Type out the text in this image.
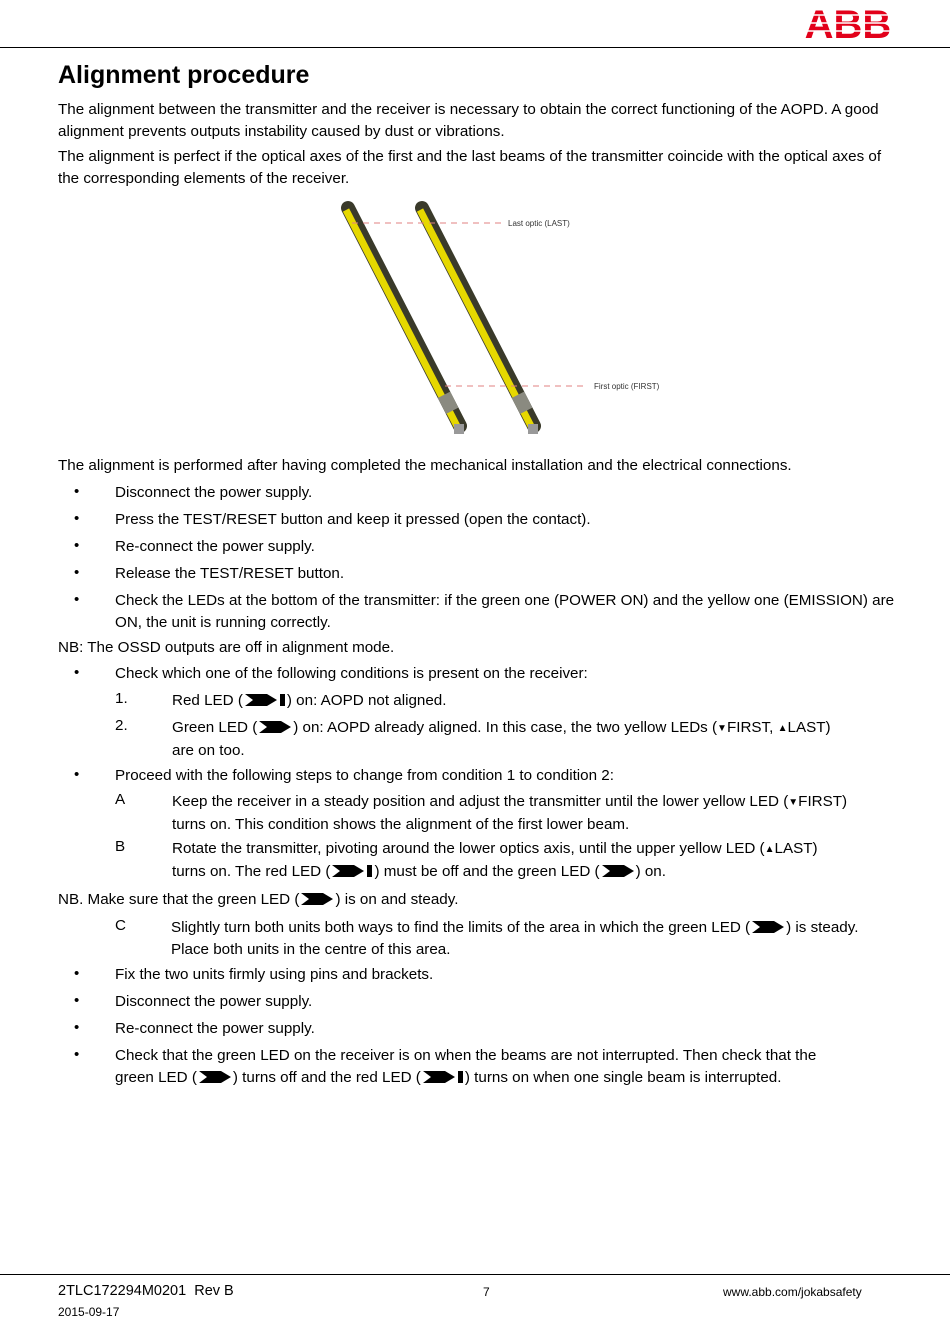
ABB
Alignment procedure

The alignment between the transmitter and the receiver is necessary to obtain the correct functioning of the AOPD. A good alignment prevents outputs instability caused by dust or vibrations.

The alignment is perfect if the optical axes of the first and the last beams of the transmitter coincide with the optical axes of the corresponding elements of the receiver.

Last optic (LAST)
First optic (FIRST)

The alignment is performed after having completed the mechanical installation and the electrical connections.

• Disconnect the power supply.
• Press the TEST/RESET button and keep it pressed (open the contact).
• Re-connect the power supply.
• Release the TEST/RESET button.
• Check the LEDs at the bottom of the transmitter: if the green one (POWER ON) and the yellow one (EMISSION) are ON, the unit is running correctly.

NB: The OSSD outputs are off in alignment mode.

• Check which one of the following conditions is present on the receiver:
1.	Red LED (	) on: AOPD not aligned.
2.	Green LED ( ) on: AOPD already aligned. In this case, the two yellow LEDs (▼FIRST, ▲LAST)
are on too.
• Proceed with the following steps to change from condition 1 to condition 2:
A	Keep the receiver in a steady position and adjust the transmitter until the lower yellow LED (▼FIRST)
turns on. This condition shows the alignment of the first lower beam.
B	Rotate the transmitter, pivoting around the lower optics axis, until the upper yellow LED (▲LAST)
turns on. The red LED (	) must be off and the green LED ( ) on.
NB. Make sure that the green LED ( ) is on and steady.
C	Slightly turn both units both ways to find the limits of the area in which the green LED ( ) is steady.
Place both units in the centre of this area.
• Fix the two units firmly using pins and brackets.
• Disconnect the power supply.
• Re-connect the power supply.
• Check that the green LED on the receiver is on when the beams are not interrupted. Then check that the
green LED ( ) turns off and the red LED (	) turns on when one single beam is interrupted.
2TLC172294M0201  Rev B
2015-09-17
7	www.abb.com/jokabsafety
